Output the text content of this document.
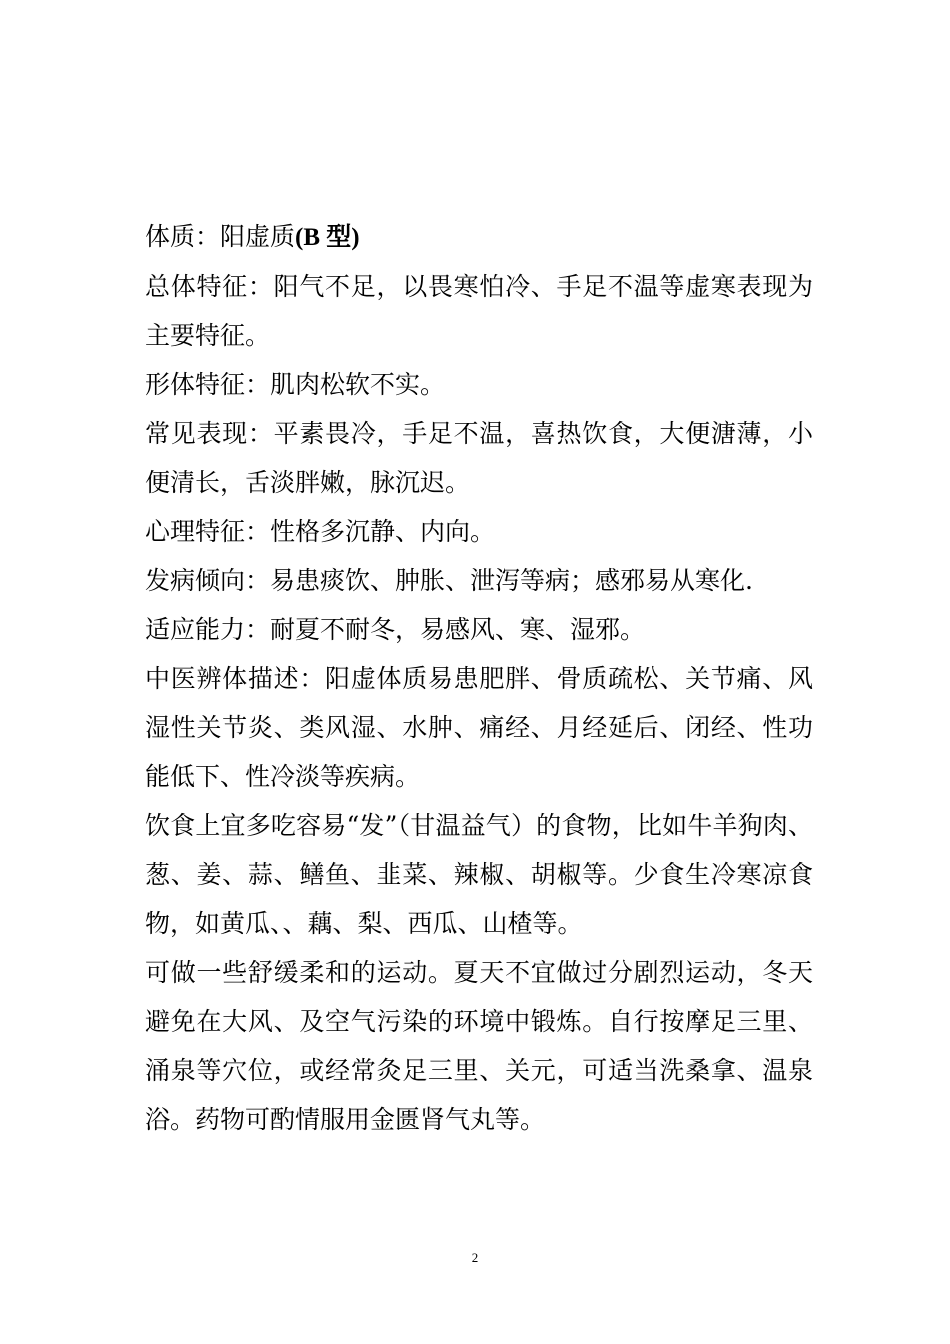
体质：阳虚质(B 型)

总体特征：阳气不足，以畏寒怕冷、手足不温等虚寒表现为主要特征。

形体特征：肌肉松软不实。

常见表现：平素畏冷，手足不温，喜热饮食，大便溏薄，小便清长，舌淡胖嫩，脉沉迟。

心理特征：性格多沉静、内向。

发病倾向：易患痰饮、肿胀、泄泻等病；感邪易从寒化.

适应能力：耐夏不耐冬，易感风、寒、湿邪。

中医辨体描述：阳虚体质易患肥胖、骨质疏松、关节痛、风湿性关节炎、类风湿、水肿、痛经、月经延后、闭经、性功能低下、性冷淡等疾病。

饮食上宜多吃容易“发”（甘温益气）的食物，比如牛羊狗肉、葱、姜、蒜、鳝鱼、韭菜、辣椒、胡椒等。少食生冷寒凉食物，如黄瓜、、藕、梨、西瓜、山楂等。

可做一些舒缓柔和的运动。夏天不宜做过分剧烈运动，冬天避免在大风、及空气污染的环境中锻炼。自行按摩足三里、涌泉等穴位，或经常灸足三里、关元，可适当洗桑拿、温泉浴。药物可酌情服用金匮肾气丸等。

2
